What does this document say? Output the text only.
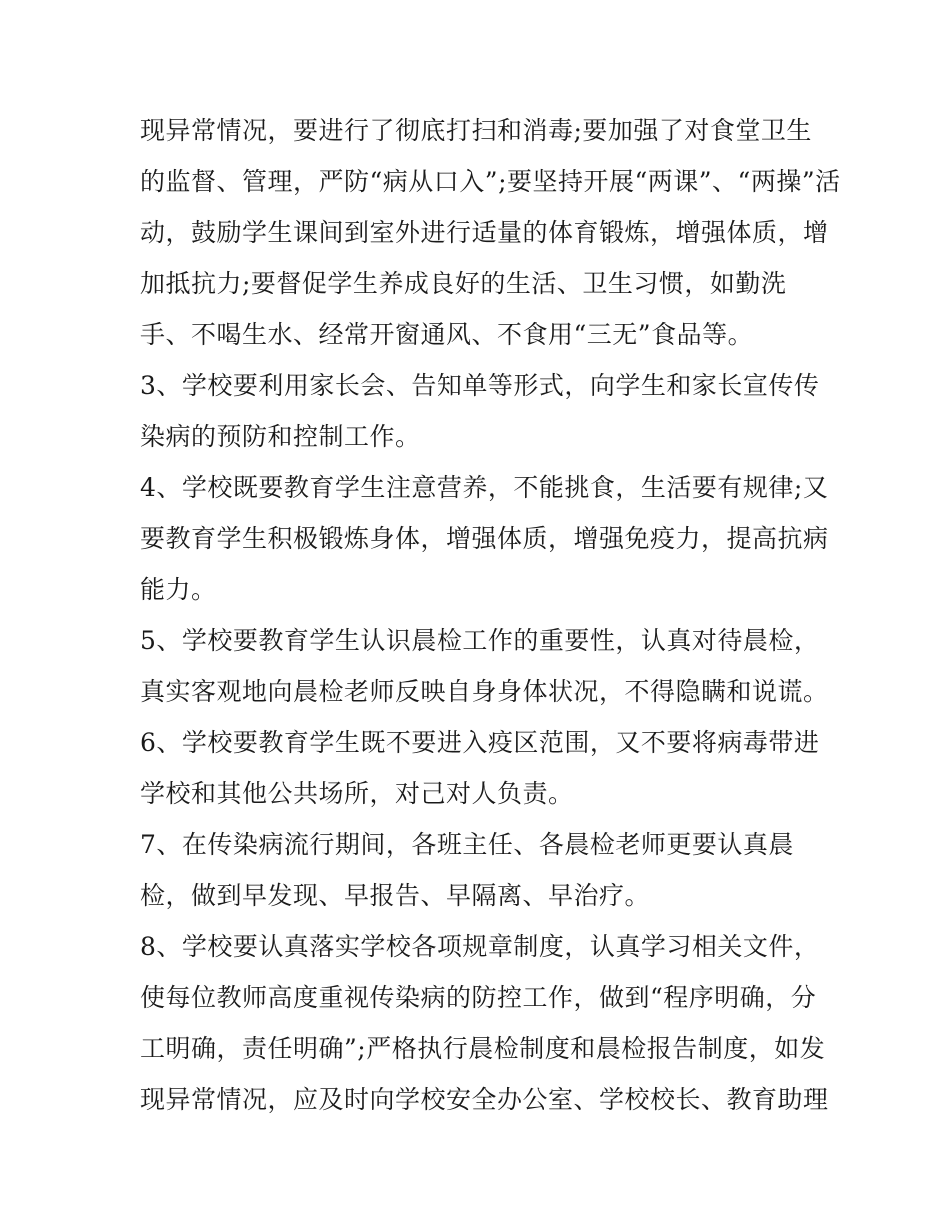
现异常情况，要进行了彻底打扫和消毒;要加强了对食堂卫生
的监督、管理，严防“病从口入”;要坚持开展“两课”、“两操”活
动，鼓励学生课间到室外进行适量的体育锻炼，增强体质，增
加抵抗力;要督促学生养成良好的生活、卫生习惯，如勤洗
手、不喝生水、经常开窗通风、不食用“三无”食品等。
3、学校要利用家长会、告知单等形式，向学生和家长宣传传
染病的预防和控制工作。
4、学校既要教育学生注意营养，不能挑食，生活要有规律;又
要教育学生积极锻炼身体，增强体质，增强免疫力，提高抗病
能力。
5、学校要教育学生认识晨检工作的重要性，认真对待晨检，
真实客观地向晨检老师反映自身身体状况，不得隐瞒和说谎。
6、学校要教育学生既不要进入疫区范围，又不要将病毒带进
学校和其他公共场所，对己对人负责。
7、在传染病流行期间，各班主任、各晨检老师更要认真晨
检，做到早发现、早报告、早隔离、早治疗。
8、学校要认真落实学校各项规章制度，认真学习相关文件，
使每位教师高度重视传染病的防控工作，做到“程序明确，分
工明确，责任明确”;严格执行晨检制度和晨检报告制度，如发
现异常情况，应及时向学校安全办公室、学校校长、教育助理
